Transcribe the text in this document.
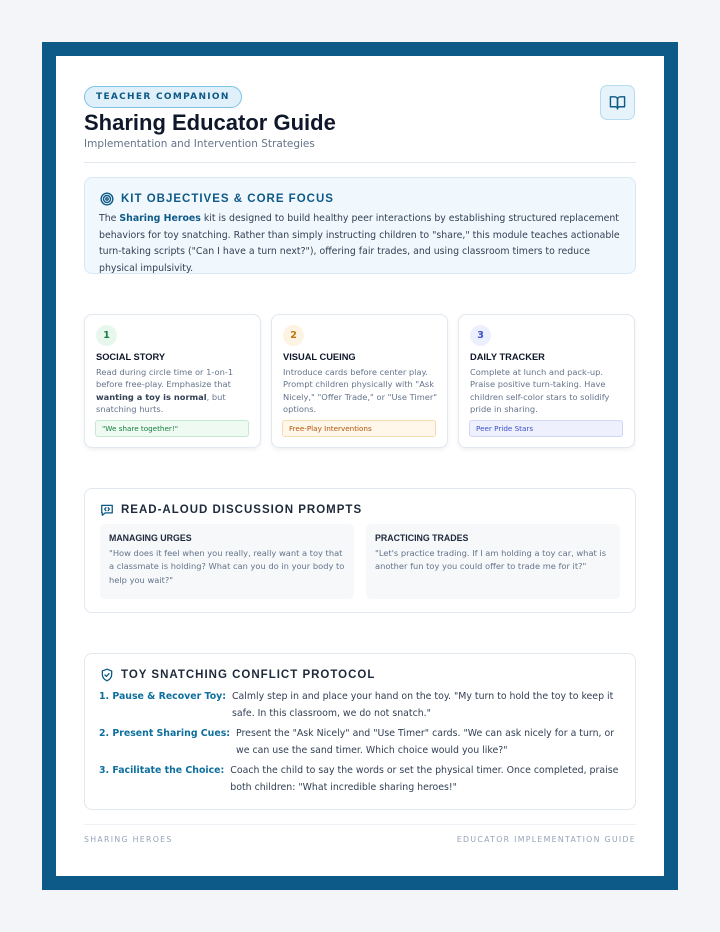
TEACHER COMPANION
Sharing Educator Guide
Implementation and Intervention Strategies
KIT OBJECTIVES & CORE FOCUS
The Sharing Heroes kit is designed to build healthy peer interactions by establishing structured replacement behaviors for toy snatching. Rather than simply instructing children to "share," this module teaches actionable turn-taking scripts ("Can I have a turn next?"), offering fair trades, and using classroom timers to reduce physical impulsivity.
1
SOCIAL STORY
Read during circle time or 1-on-1 before free-play. Emphasize that wanting a toy is normal, but snatching hurts.
"We share together!"
2
VISUAL CUEING
Introduce cards before center play. Prompt children physically with "Ask Nicely," "Offer Trade," or "Use Timer" options.
Free-Play Interventions
3
DAILY TRACKER
Complete at lunch and pack-up. Praise positive turn-taking. Have children self-color stars to solidify pride in sharing.
Peer Pride Stars
READ-ALOUD DISCUSSION PROMPTS
MANAGING URGES
"How does it feel when you really, really want a toy that a classmate is holding? What can you do in your body to help you wait?"
PRACTICING TRADES
"Let's practice trading. If I am holding a toy car, what is another fun toy you could offer to trade me for it?"
TOY SNATCHING CONFLICT PROTOCOL
1. Pause & Recover Toy: Calmly step in and place your hand on the toy. "My turn to hold the toy to keep it safe. In this classroom, we do not snatch."
2. Present Sharing Cues: Present the "Ask Nicely" and "Use Timer" cards. "We can ask nicely for a turn, or we can use the sand timer. Which choice would you like?"
3. Facilitate the Choice: Coach the child to say the words or set the physical timer. Once completed, praise both children: "What incredible sharing heroes!"
SHARING HEROES	EDUCATOR IMPLEMENTATION GUIDE
